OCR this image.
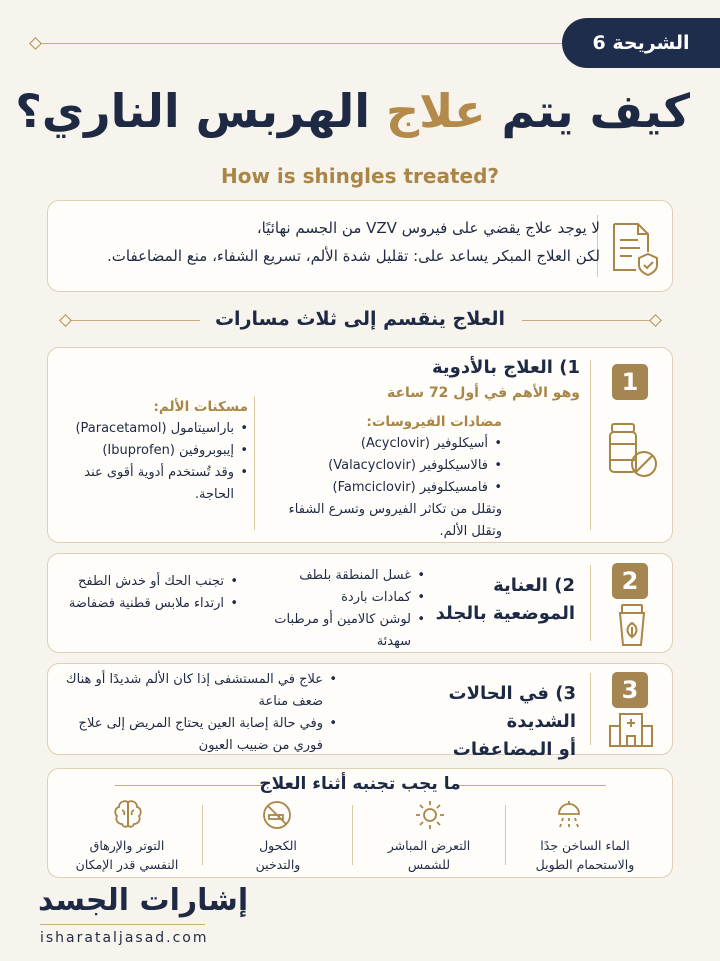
الشريحة 6
كيف يتم علاج الهربس الناري؟
How is shingles treated?
لا يوجد علاج يقضي على فيروس VZV من الجسم نهائيًا،
لكن العلاج المبكر يساعد على: تقليل شدة الألم، تسريع الشفاء، منع المضاعفات.
العلاج ينقسم إلى ثلاث مسارات
1
1) العلاج بالأدوية
وهو الأهم في أول 72 ساعة
مضادات الفيروسات:
• أسيكلوفير (Acyclovir)
• فالاسيكلوفير (Valacyclovir)
• فامسيكلوفير (Famciclovir)
وتقلل من تكاثر الفيروس وتسرع الشفاء وتقلل الألم.
مسكنات الألم:
• باراسيتامول (Paracetamol)
• إيبوبروفين (Ibuprofen)
• وقد تُستخدم أدوية أقوى عند الحاجة.
2
2) العناية
الموضعية بالجلد
• غسل المنطقة بلطف
• كمادات باردة
• لوشن كالامين أو مرطبات سهدئة
• تجنب الحك أو خدش الطفح
• ارتداء ملابس قطنية فضفاضة
3
3) في الحالات الشديدة
أو المضاعفات
• علاج في المستشفى إذا كان الألم شديدًا أو هناك ضعف مناعة
• وفي حالة إصابة العين يحتاج المريض إلى علاج فوري من ضبيب العيون
ما يجب تجنبه أثناء العلاج
الماء الساخن جدًا
والاستحمام الطويل
التعرض المباشر
للشمس
الكحول
والتدخين
التوتر والإرهاق
النفسي قدر الإمكان
إشارات الجسد
isharataljasad.com
